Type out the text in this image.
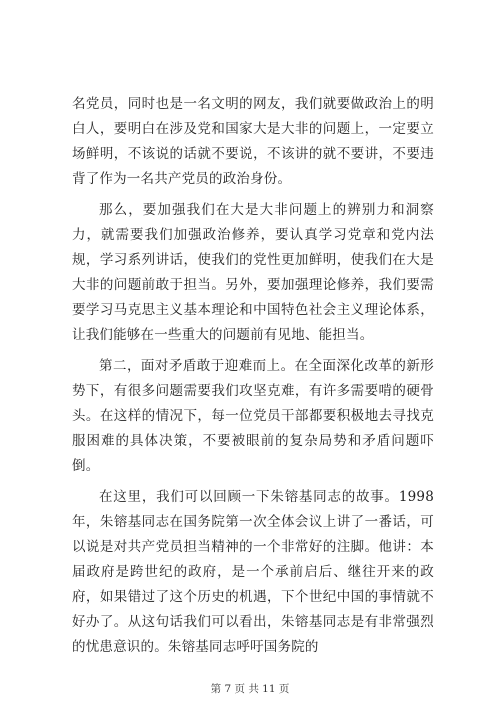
名党员，同时也是一名文明的网友，我们就要做政治上的明白人，要明白在涉及党和国家大是大非的问题上，一定要立场鲜明，不该说的话就不要说，不该讲的就不要讲，不要违背了作为一名共产党员的政治身份。

那么，要加强我们在大是大非问题上的辨别力和洞察力，就需要我们加强政治修养，要认真学习党章和党内法规，学习系列讲话，使我们的党性更加鲜明，使我们在大是大非的问题前敢于担当。另外，要加强理论修养，我们要需要学习马克思主义基本理论和中国特色社会主义理论体系，让我们能够在一些重大的问题前有见地、能担当。

第二，面对矛盾敢于迎难而上。在全面深化改革的新形势下，有很多问题需要我们攻坚克难，有许多需要啃的硬骨头。在这样的情况下，每一位党员干部都要积极地去寻找克服困难的具体决策，不要被眼前的复杂局势和矛盾问题吓倒。

在这里，我们可以回顾一下朱镕基同志的故事。1998 年，朱镕基同志在国务院第一次全体会议上讲了一番话，可以说是对共产党员担当精神的一个非常好的注脚。他讲：本届政府是跨世纪的政府，是一个承前启后、继往开来的政府，如果错过了这个历史的机遇，下个世纪中国的事情就不好办了。从这句话我们可以看出，朱镕基同志是有非常强烈的忧患意识的。朱镕基同志呼吁国务院的

第 7 页 共 11 页
